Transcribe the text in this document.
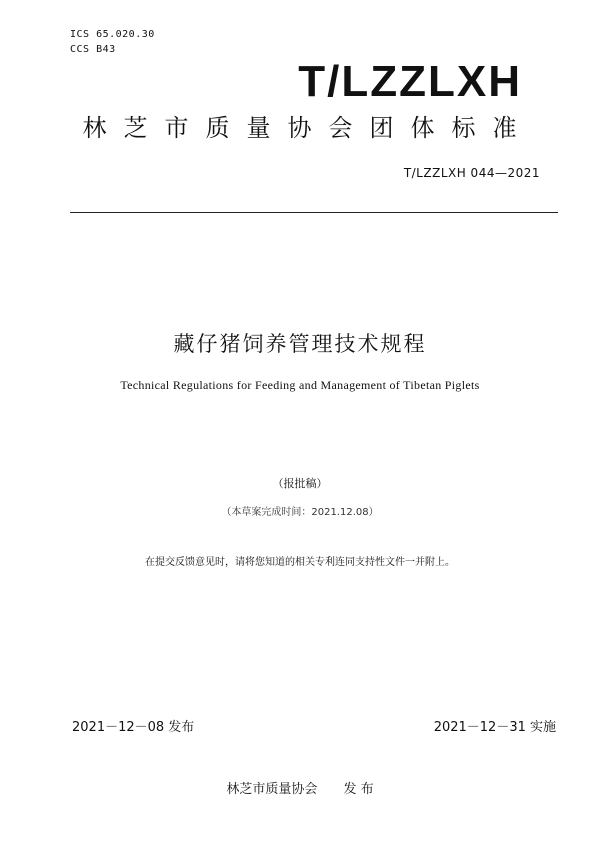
ICS 65.020.30
CCS B43
T/LZZLXH
林芝市质量协会团体标准
T/LZZLXH 044—2021
藏仔猪饲养管理技术规程
Technical Regulations for Feeding and Management of Tibetan Piglets
（报批稿）
（本草案完成时间：2021.12.08）
在提交反馈意见时，请将您知道的相关专利连同支持性文件一并附上。
2021－12－08 发布	2021－12－31 实施
林芝市质量协会 发 布
